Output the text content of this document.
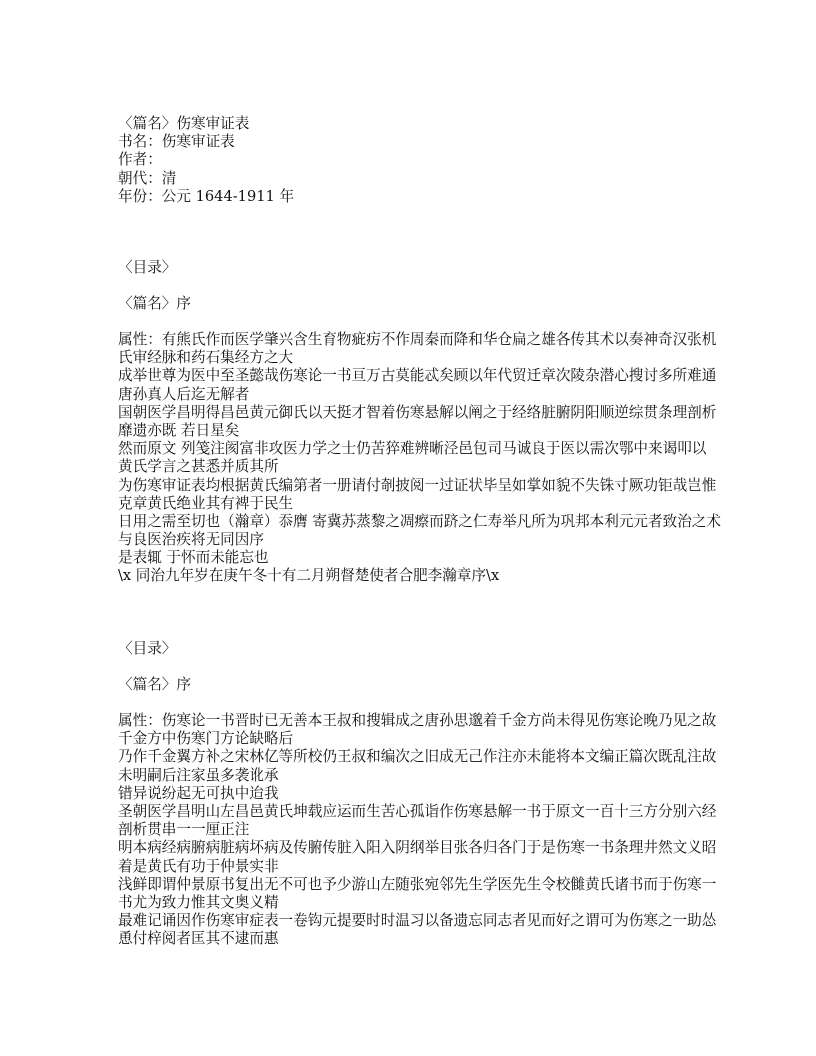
〈篇名〉伤寒审证表
书名：伤寒审证表
作者：
朝代：清
年份：公元 1644-1911 年
〈目录〉
〈篇名〉序
属性：有熊氏作而医学肇兴含生育物疵疠不作周秦而降和华仓扁之雄各传其术以奏神奇汉张机
氏审经脉和药石集经方之大
成举世尊为医中至圣懿哉伤寒论一书亘万古莫能忒矣顾以年代贸迁章次陵杂潜心搜讨多所难通
唐孙真人后迄无解者
国朝医学昌明得昌邑黄元御氏以天挺才智着伤寒悬解以阐之于经络脏腑阴阳顺逆综贯条理剖析
靡遗亦既 若日星矣
然而原文 列笺注阂富非攻医力学之士仍苦猝难辨晰泾邑包司马诚良于医以需次鄂中来谒叩以
黄氏学言之甚悉并质其所
为伤寒审证表均根据黄氏编第者一册请付剞披阅一过证状毕呈如掌如貌不失铢寸厥功钜哉岂惟
克章黄氏绝业其有裨于民生
日用之需至切也（瀚章）忝膺 寄冀苏蒸黎之凋瘵而跻之仁寿举凡所为巩邦本利元元者致治之术
与良医治疾将无同因序
是表辄 于怀而未能忘也
\x 同治九年岁在庚午冬十有二月朔督楚使者合肥李瀚章序\x
〈目录〉
〈篇名〉序
属性：伤寒论一书晋时已无善本王叔和搜辑成之唐孙思邈着千金方尚未得见伤寒论晚乃见之故
千金方中伤寒门方论缺略后
乃作千金翼方补之宋林亿等所校仍王叔和编次之旧成无己作注亦未能将本文编正篇次既乱注故
未明嗣后注家虽多袭讹承
错异说纷起无可执中迨我
圣朝医学昌明山左昌邑黄氏坤载应运而生苦心孤诣作伤寒悬解一书于原文一百十三方分别六经
剖析贯串一一厘正注
明本病经病腑病脏病坏病及传腑传脏入阳入阴纲举目张各归各门于是伤寒一书条理井然文义昭
着是黄氏有功于仲景实非
浅鲜即谓仲景原书复出无不可也予少游山左随张宛邻先生学医先生令校雠黄氏诸书而于伤寒一
书尤为致力惟其文奥义精
最难记诵因作伤寒审症表一卷钩元提要时时温习以备遗忘同志者见而好之谓可为伤寒之一助怂
恿付梓阅者匡其不逮而惠
